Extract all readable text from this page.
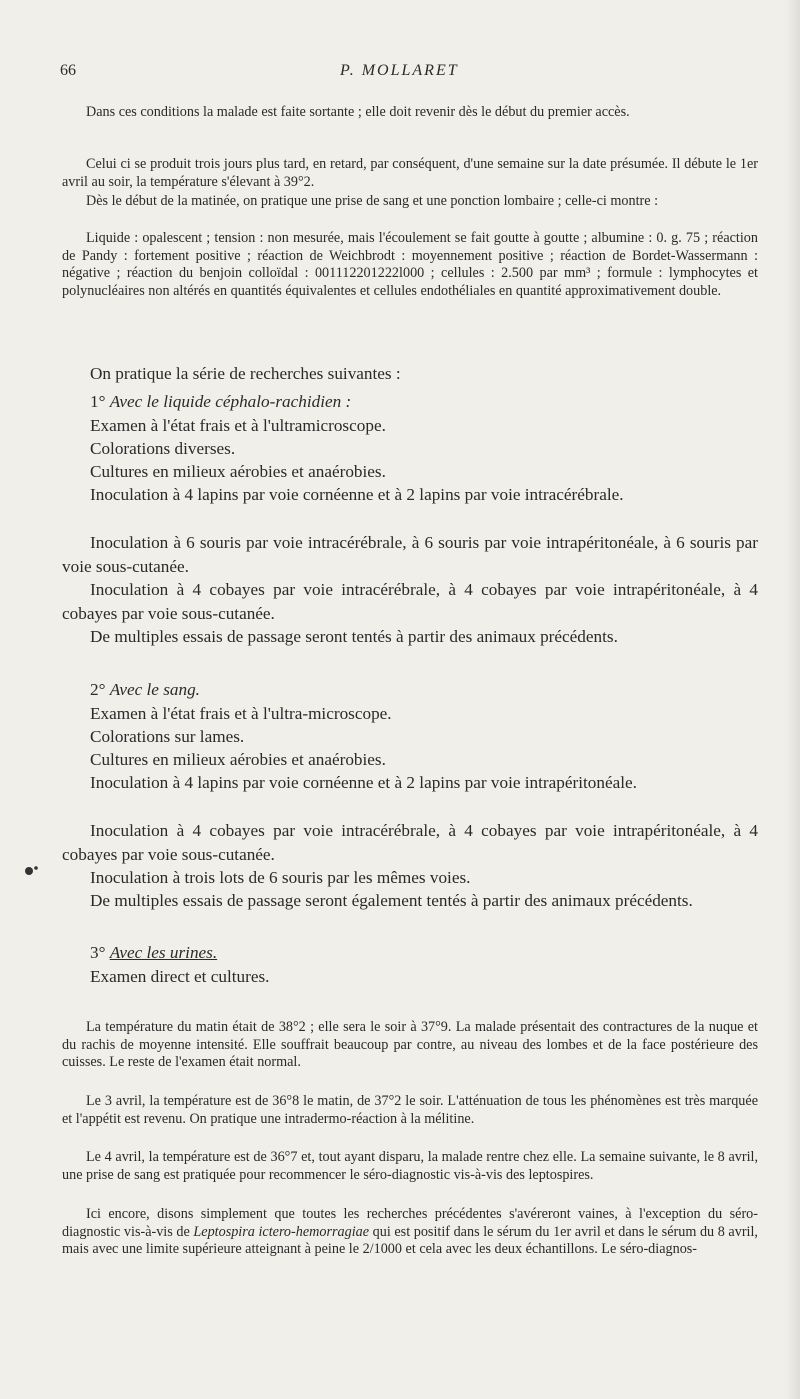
66	P. MOLLARET

Dans ces conditions la malade est faite sortante ; elle doit revenir dès le début du premier accès.

Celui ci se produit trois jours plus tard, en retard, par conséquent, d'une semaine sur la date présumée. Il débute le 1er avril au soir, la température s'élevant à 39°2.

Dès le début de la matinée, on pratique une prise de sang et une ponction lombaire ; celle-ci montre :

Liquide : opalescent ; tension : non mesurée, mais l'écoulement se fait goutte à goutte ; albumine : 0. g. 75 ; réaction de Pandy : fortement positive ; réaction de Weichbrodt : moyennement positive ; réaction de Bordet-Wassermann : négative ; réaction du benjoin colloïdal : 001112201222l000 ; cellules : 2.500 par mm³ ; formule : lymphocytes et polynucléaires non altérés en quantités équivalentes et cellules endothéliales en quantité approximativement double.

On pratique la série de recherches suivantes :

1° Avec le liquide céphalo-rachidien :

Examen à l'état frais et à l'ultramicroscope.

Colorations diverses.

Cultures en milieux aérobies et anaérobies.

Inoculation à 4 lapins par voie cornéenne et à 2 lapins par voie intracérébrale.

Inoculation à 6 souris par voie intracérébrale, à 6 souris par voie intrapéritonéale, à 6 souris par voie sous-cutanée.

Inoculation à 4 cobayes par voie intracérébrale, à 4 cobayes par voie intrapéritonéale, à 4 cobayes par voie sous-cutanée.

De multiples essais de passage seront tentés à partir des animaux précédents.

2° Avec le sang.

Examen à l'état frais et à l'ultra-microscope.

Colorations sur lames.

Cultures en milieux aérobies et anaérobies.

Inoculation à 4 lapins par voie cornéenne et à 2 lapins par voie intrapéritonéale.

Inoculation à 4 cobayes par voie intracérébrale, à 4 cobayes par voie intrapéritonéale, à 4 cobayes par voie sous-cutanée.

Inoculation à trois lots de 6 souris par les mêmes voies.

De multiples essais de passage seront également tentés à partir des animaux précédents.

3° Avec les urines.

Examen direct et cultures.

La température du matin était de 38°2 ; elle sera le soir à 37°9. La malade présentait des contractures de la nuque et du rachis de moyenne intensité. Elle souffrait beaucoup par contre, au niveau des lombes et de la face postérieure des cuisses. Le reste de l'examen était normal.

Le 3 avril, la température est de 36°8 le matin, de 37°2 le soir. L'atténuation de tous les phénomènes est très marquée et l'appétit est revenu. On pratique une intradermo-réaction à la mélitine.

Le 4 avril, la température est de 36°7 et, tout ayant disparu, la malade rentre chez elle. La semaine suivante, le 8 avril, une prise de sang est pratiquée pour recommencer le séro-diagnostic vis-à-vis des leptospires.

Ici encore, disons simplement que toutes les recherches précédentes s'avéreront vaines, à l'exception du séro-diagnostic vis-à-vis de Leptospira ictero-hemorragiae qui est positif dans le sérum du 1er avril et dans le sérum du 8 avril, mais avec une limite supérieure atteignant à peine le 2/1000 et cela avec les deux échantillons. Le séro-diagnos-
